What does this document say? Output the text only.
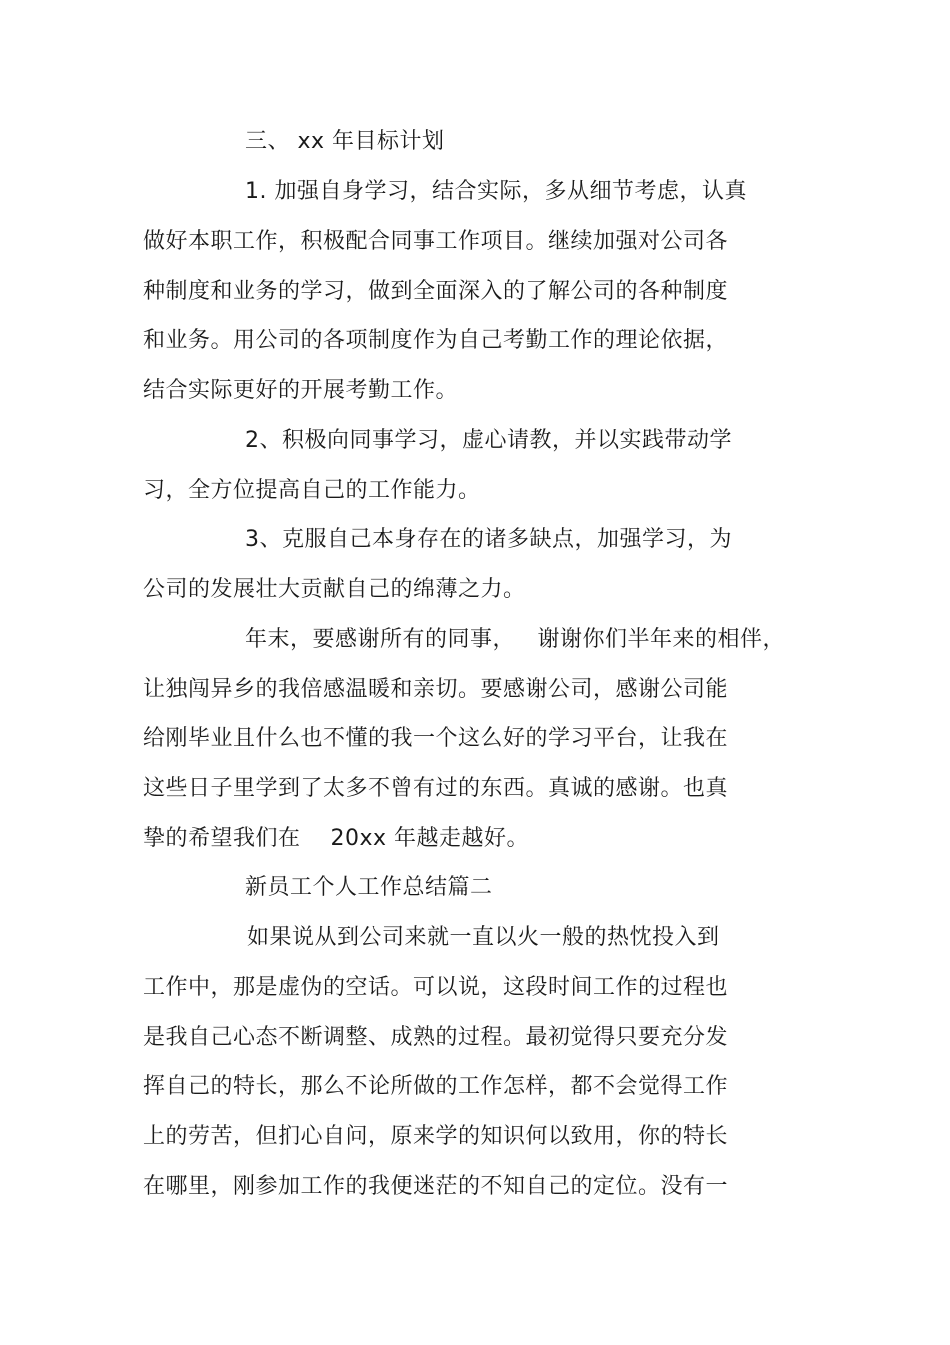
三、 xx 年目标计划
1. 加强自身学习，结合实际，多从细节考虑，认真
做好本职工作，积极配合同事工作项目。继续加强对公司各
种制度和业务的学习，做到全面深入的了解公司的各种制度
和业务。用公司的各项制度作为自己考勤工作的理论依据，
结合实际更好的开展考勤工作。
2、积极向同事学习，虚心请教，并以实践带动学
习，全方位提高自己的工作能力。
3、克服自己本身存在的诸多缺点，加强学习，为
公司的发展壮大贡献自己的绵薄之力。
年末，要感谢所有的同事，   谢谢你们半年来的相伴，
让独闯异乡的我倍感温暖和亲切。要感谢公司，感谢公司能
给刚毕业且什么也不懂的我一个这么好的学习平台，让我在
这些日子里学到了太多不曾有过的东西。真诚的感谢。也真
挚的希望我们在    20xx 年越走越好。
新员工个人工作总结篇二
如果说从到公司来就一直以火一般的热忱投入到
工作中，那是虚伪的空话。可以说，这段时间工作的过程也
是我自己心态不断调整、成熟的过程。最初觉得只要充分发
挥自己的特长，那么不论所做的工作怎样，都不会觉得工作
上的劳苦，但扪心自问，原来学的知识何以致用，你的特长
在哪里，刚参加工作的我便迷茫的不知自己的定位。没有一
